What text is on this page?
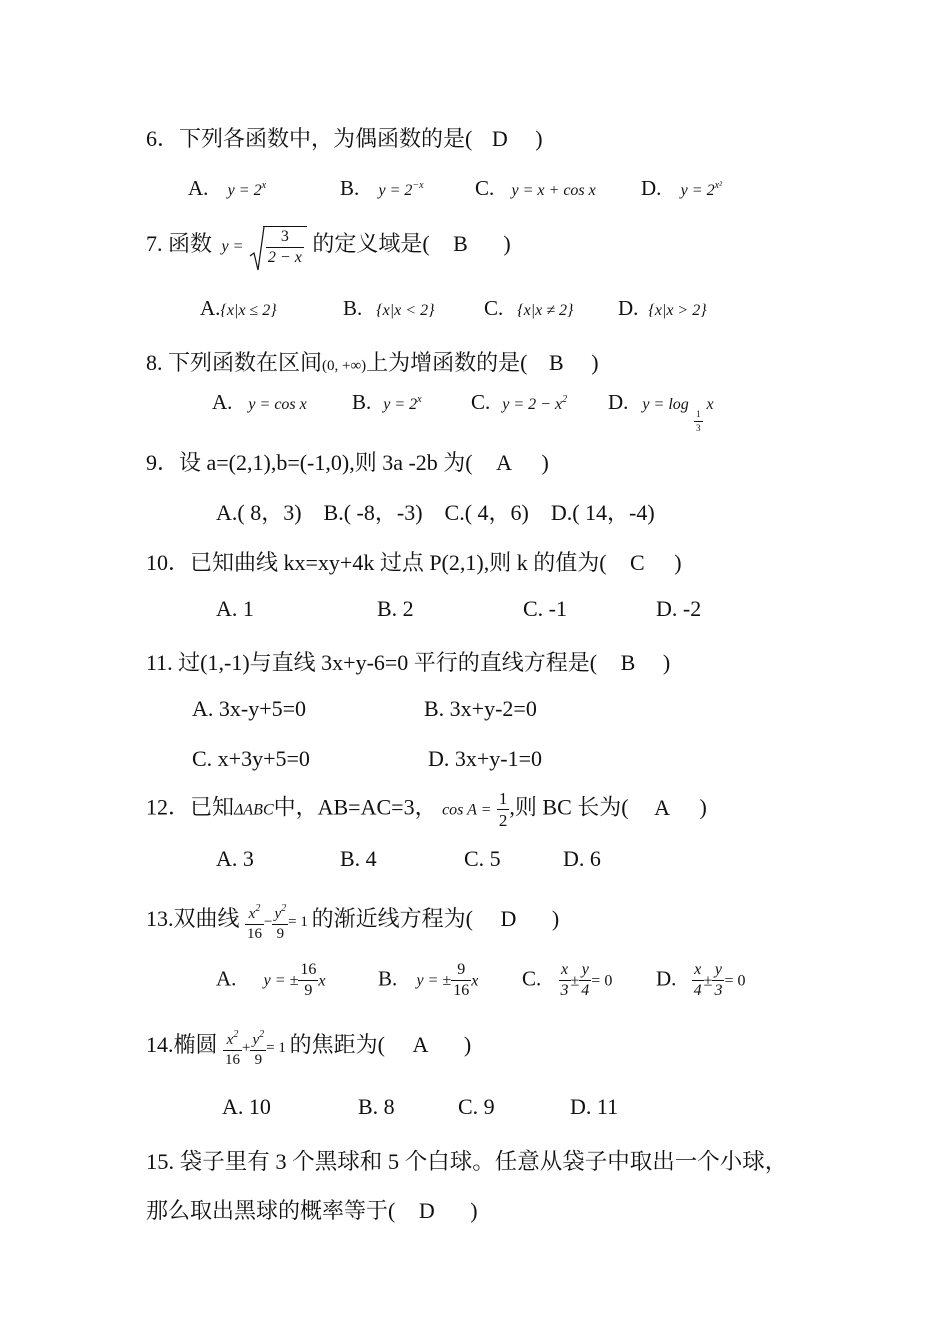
6．下列各函数中，为偶函数的是( D )
A. $y = 2^x$	B. $y = 2^{-x}$ C. y = x + cos x D. $y = 2^{x^2}$
7. 函数 $y = \frac{3}{2 - x}$ 的定义域是( B )
A.{x|x ≤ 2}	B. {x|x < 2} C. {x|x ≠ 2} D. {x|x > 2}
8. 下列函数在区间(0, +∞)上为增函数的是( B )
A. y = cos x B. $y = 2^x$ C. $y = 2 - x^2$ D. y = log
$\frac{1}{3}$
x
9．设 a=(2,1),b=(-1,0),则 3a -2b 为( A )
A.( 8，3)    B.( -8，-3)    C.( 4，6)    D.( 14，-4)
10．已知曲线 kx=xy+4k 过点 P(2,1),则 k 的值为( C )
A. 1	B. 2	C. -1	D. -2
11. 过(1,-1)与直线 3x+y-6=0 平行的直线方程是( B )
A. 3x-y+5=0	B. 3x+y-2=0
C. x+3y+5=0	D. 3x+y-1=0
12．已知ΔABC中，AB=AC=3， $\cos A = \frac{1}{2}$ ,则 BC 长为( A )
A. 3	B. 4	C. 5	D. 6
13.双曲线 $\frac{x^2}{16} - \frac{y^2}{9} = 1$ 的渐近线方程为( D )
A. y = ± $\frac{16}{9}$ x	B. y = ± $\frac{9}{16}$ x C. $\frac{x}{3} \pm \frac{y}{4} = 0$ D. $\frac{x}{4} \pm \frac{y}{3} = 0$
14.椭圆 $\frac{x^2}{16} + \frac{y^2}{9} = 1$ 的焦距为( A )
A. 10	B. 8	C. 9	D. 11
15. 袋子里有 3 个黑球和 5 个白球。任意从袋子中取出一个小球，
那么取出黑球的概率等于( D )
